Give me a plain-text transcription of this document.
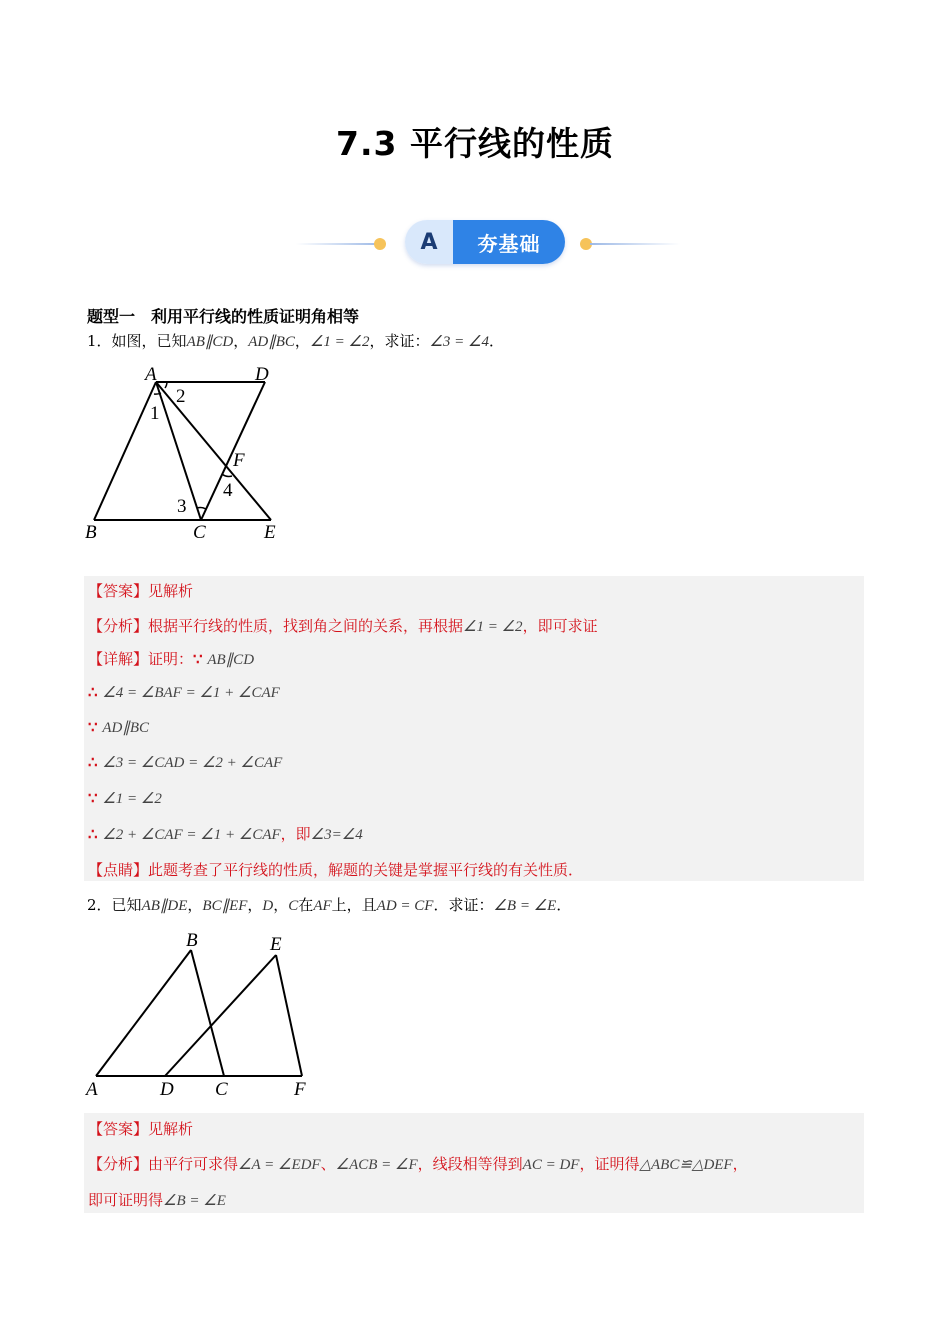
7.3 平行线的性质
A	夯基础
题型一　利用平行线的性质证明角相等
1．如图，已知AB∥CD，AD∥BC，∠1 = ∠2，求证：∠3 = ∠4．
A	D
B	C	E
F
1
2
3
4
【答案】见解析
【分析】根据平行线的性质，找到角之间的关系，再根据∠1 = ∠2，即可求证
【详解】证明：∵ AB∥CD
∴ ∠4 = ∠BAF = ∠1 + ∠CAF
∵ AD∥BC
∴ ∠3 = ∠CAD = ∠2 + ∠CAF
∵ ∠1 = ∠2
∴ ∠2 + ∠CAF = ∠1 + ∠CAF，即∠3=∠4
【点睛】此题考查了平行线的性质，解题的关键是掌握平行线的有关性质．
2．已知AB∥DE，BC∥EF，D，C在AF上，且AD = CF．求证：∠B = ∠E．
B	E
A	D C	F
【答案】见解析
【分析】由平行可求得∠A = ∠EDF、∠ACB = ∠F，线段相等得到AC = DF，证明得△ABC≌△DEF，
即可证明得∠B = ∠E
